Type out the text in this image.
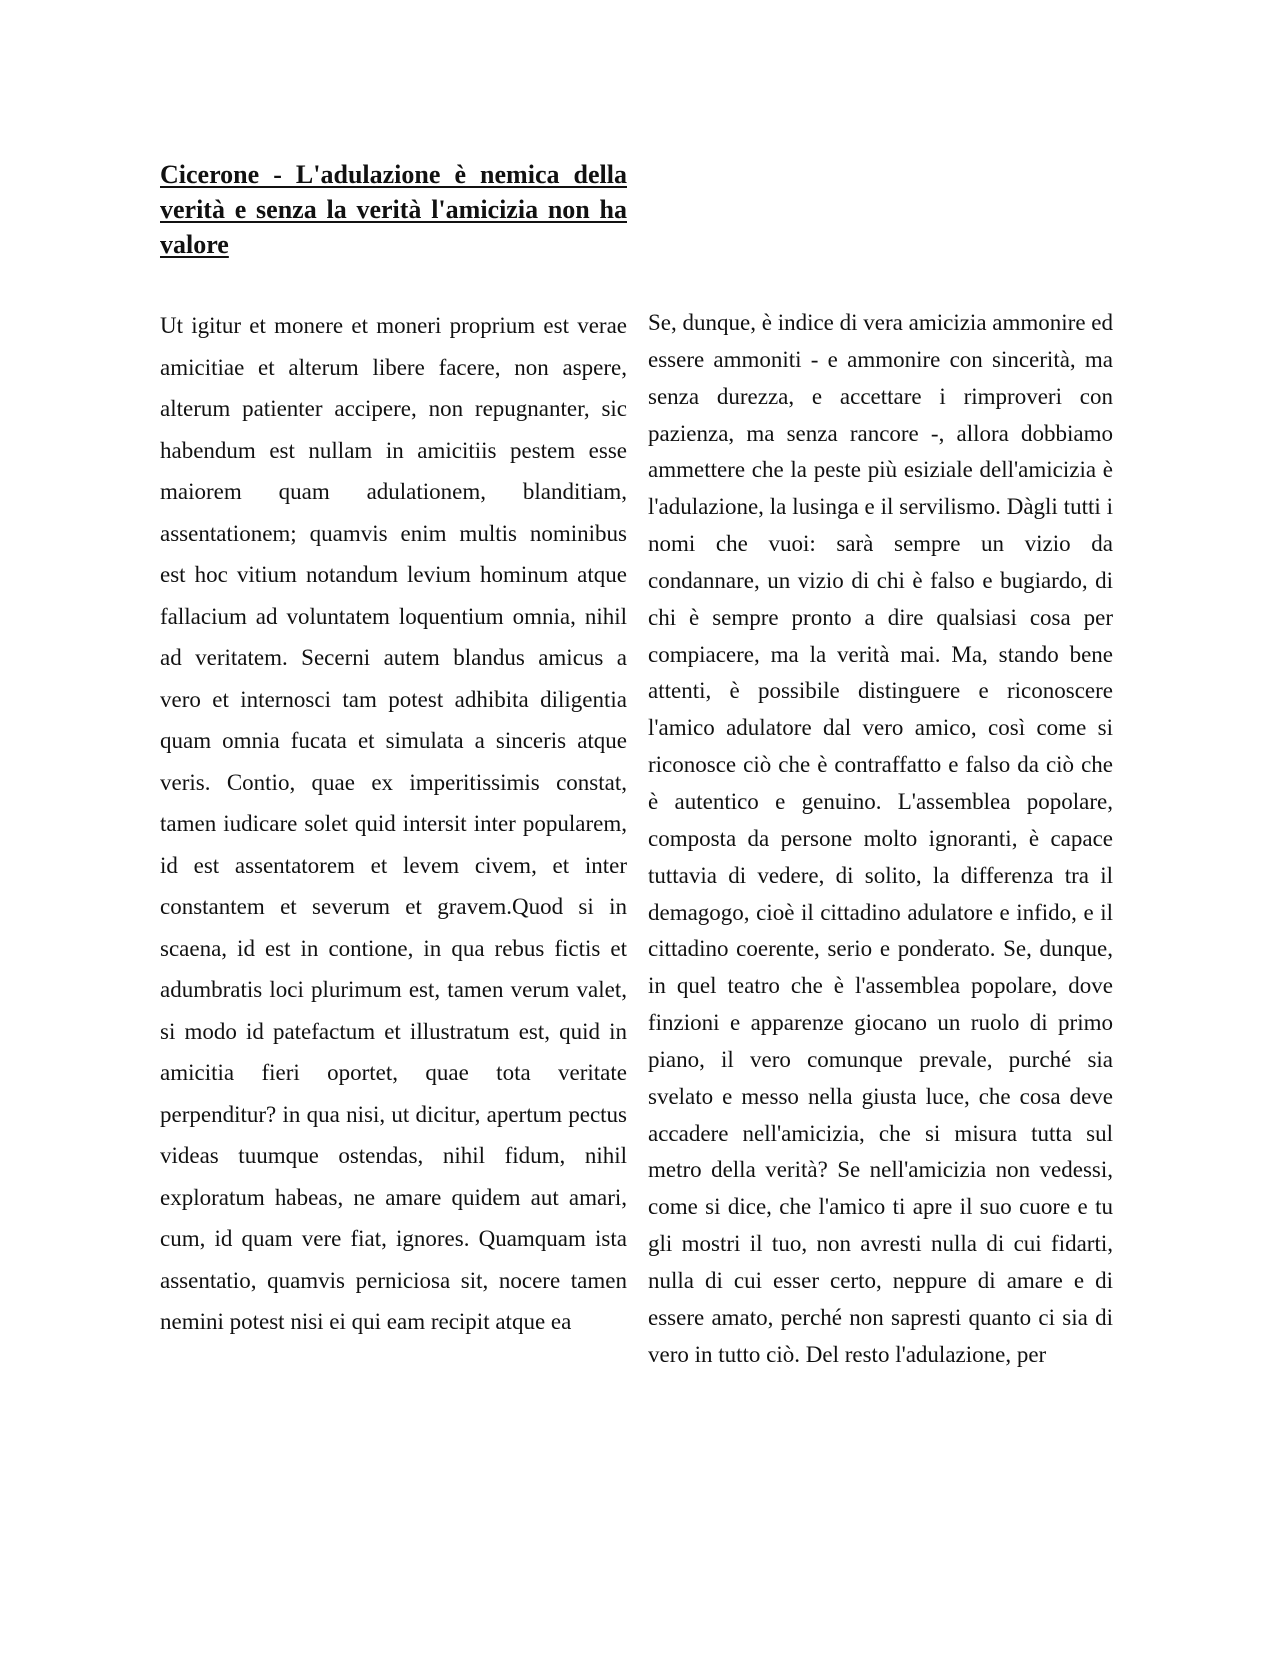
Cicerone - L'adulazione è nemica della verità e senza la verità l'amicizia non ha valore

Ut igitur et monere et moneri proprium est verae amicitiae et alterum libere facere, non aspere, alterum patienter accipere, non repugnanter, sic habendum est nullam in amicitiis pestem esse maiorem quam adulationem, blanditiam, assentationem; quamvis enim multis nominibus est hoc vitium notandum levium hominum atque fallacium ad voluntatem loquentium omnia, nihil ad veritatem. Secerni autem blandus amicus a vero et internosci tam potest adhibita diligentia quam omnia fucata et simulata a sinceris atque veris. Contio, quae ex imperitissimis constat, tamen iudicare solet quid intersit inter popularem, id est assentatorem et levem civem, et inter constantem et severum et gravem.Quod si in scaena, id est in contione, in qua rebus fictis et adumbratis loci plurimum est, tamen verum valet, si modo id patefactum et illustratum est, quid in amicitia fieri oportet, quae tota veritate perpenditur? in qua nisi, ut dicitur, apertum pectus videas tuumque ostendas, nihil fidum, nihil exploratum habeas, ne amare quidem aut amari, cum, id quam vere fiat, ignores. Quamquam ista assentatio, quamvis perniciosa sit, nocere tamen nemini potest nisi ei qui eam recipit atque ea

Se, dunque, è indice di vera amicizia ammonire ed essere ammoniti - e ammonire con sincerità, ma senza durezza, e accettare i rimproveri con pazienza, ma senza rancore -, allora dobbiamo ammettere che la peste più esiziale dell'amicizia è l'adulazione, la lusinga e il servilismo. Dàgli tutti i nomi che vuoi: sarà sempre un vizio da condannare, un vizio di chi è falso e bugiardo, di chi è sempre pronto a dire qualsiasi cosa per compiacere, ma la verità mai. Ma, stando bene attenti, è possibile distinguere e riconoscere l'amico adulatore dal vero amico, così come si riconosce ciò che è contraffatto e falso da ciò che è autentico e genuino. L'assemblea popolare, composta da persone molto ignoranti, è capace tuttavia di vedere, di solito, la differenza tra il demagogo, cioè il cittadino adulatore e infido, e il cittadino coerente, serio e ponderato. Se, dunque, in quel teatro che è l'assemblea popolare, dove finzioni e apparenze giocano un ruolo di primo piano, il vero comunque prevale, purché sia svelato e messo nella giusta luce, che cosa deve accadere nell'amicizia, che si misura tutta sul metro della verità? Se nell'amicizia non vedessi, come si dice, che l'amico ti apre il suo cuore e tu gli mostri il tuo, non avresti nulla di cui fidarti, nulla di cui esser certo, neppure di amare e di essere amato, perché non sapresti quanto ci sia di vero in tutto ciò. Del resto l'adulazione, per
